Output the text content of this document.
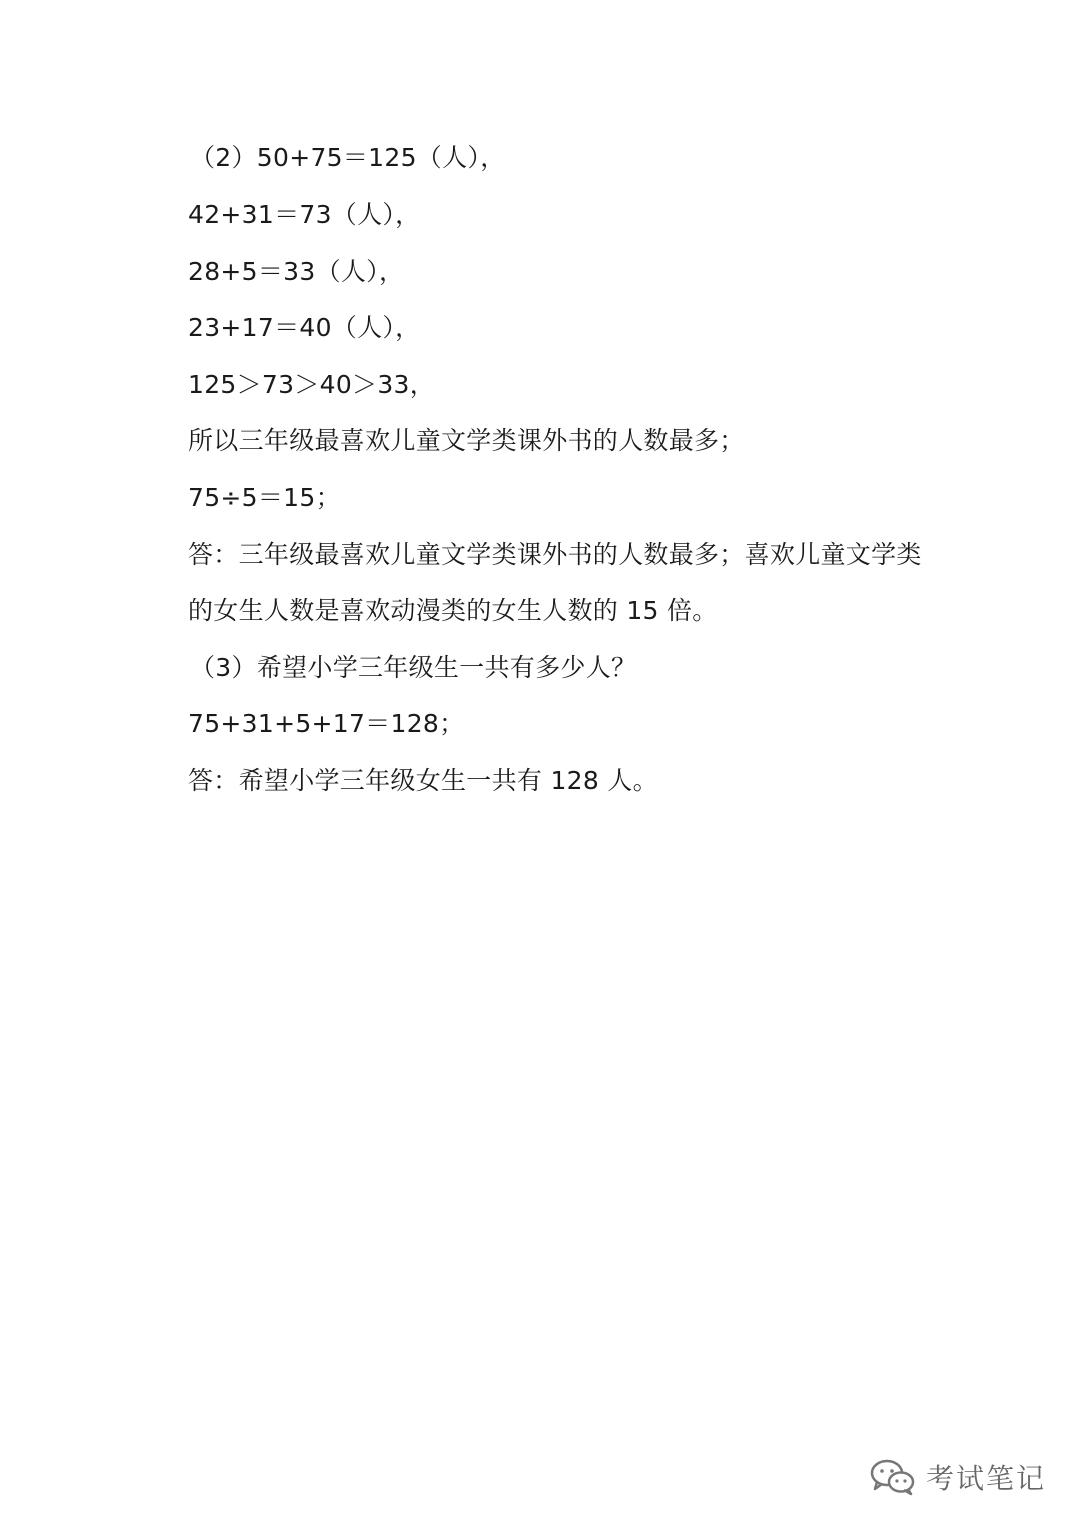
（2）50+75＝125（人），
42+31＝73（人），
28+5＝33（人），
23+17＝40（人），
125＞73＞40＞33，
所以三年级最喜欢儿童文学类课外书的人数最多；
75÷5＝15；
答：三年级最喜欢儿童文学类课外书的人数最多；喜欢儿童文学类
的女生人数是喜欢动漫类的女生人数的 15 倍。
（3）希望小学三年级生一共有多少人？
75+31+5+17＝128；
答：希望小学三年级女生一共有 128 人。
考试笔记
